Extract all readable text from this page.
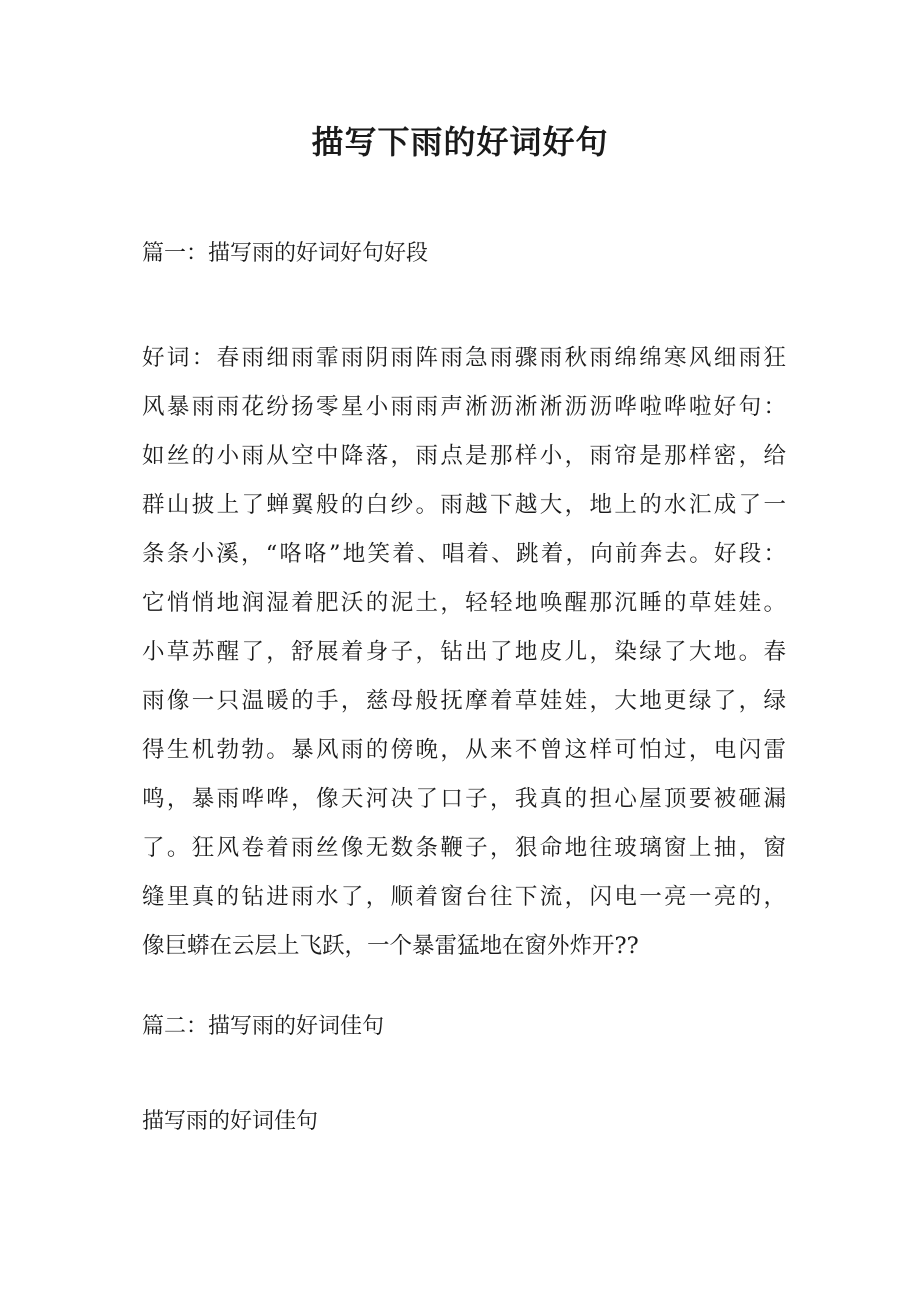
描写下雨的好词好句

篇一：描写雨的好词好句好段

好词：春雨细雨霏雨阴雨阵雨急雨骤雨秋雨绵绵寒风细雨狂
风暴雨雨花纷扬零星小雨雨声淅沥淅淅沥沥哗啦哗啦好句：
如丝的小雨从空中降落，雨点是那样小，雨帘是那样密，给
群山披上了蝉翼般的白纱。雨越下越大，地上的水汇成了一
条条小溪，“咯咯”地笑着、唱着、跳着，向前奔去。好段：
它悄悄地润湿着肥沃的泥土，轻轻地唤醒那沉睡的草娃娃。
小草苏醒了，舒展着身子，钻出了地皮儿，染绿了大地。春
雨像一只温暖的手，慈母般抚摩着草娃娃，大地更绿了，绿
得生机勃勃。暴风雨的傍晚，从来不曾这样可怕过，电闪雷
鸣，暴雨哗哗，像天河决了口子，我真的担心屋顶要被砸漏
了。狂风卷着雨丝像无数条鞭子，狠命地往玻璃窗上抽，窗
缝里真的钻进雨水了，顺着窗台往下流，闪电一亮一亮的，
像巨蟒在云层上飞跃，一个暴雷猛地在窗外炸开??

篇二：描写雨的好词佳句

描写雨的好词佳句
